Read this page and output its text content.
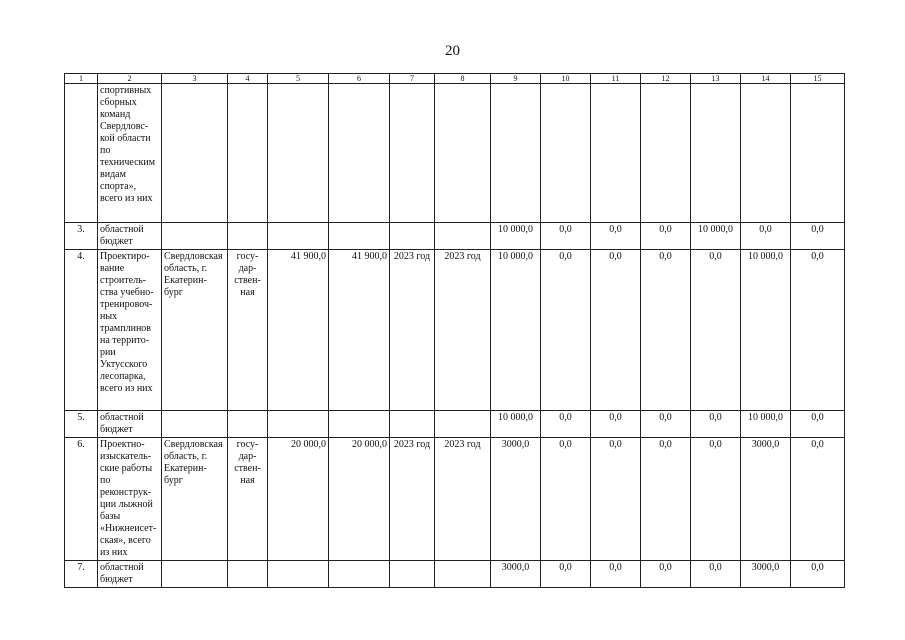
20
1	2	3	4	5	6	7	8	9	10	11	12	13	14	15
	спортивных сборных команд Свердловс-кой области по техническим видам спорта», всего из них													
3.	областной бюджет							10 000,0	0,0	0,0	0,0	10 000,0	0,0	0,0
4.	Проектиро-вание строитель-ства учебно-тренировоч-ных трамплинов на террито-рии Уктусского лесопарка, всего из них	Свердловская область, г. Екатерин-бург	госу-дар-ствен-ная	41 900,0	41 900,0	2023 год	2023 год	10 000,0	0,0	0,0	0,0	0,0	10 000,0	0,0
5.	областной бюджет							10 000,0	0,0	0,0	0,0	0,0	10 000,0	0,0
6.	Проектно-изыскатель-ские работы по реконструк-ции лыжной базы «Нижнеисет-ская», всего из них	Свердловская область, г. Екатерин-бург	госу-дар-ствен-ная	20 000,0	20 000,0	2023 год	2023 год	3000,0	0,0	0,0	0,0	0,0	3000,0	0,0
7.	областной бюджет							3000,0	0,0	0,0	0,0	0,0	3000,0	0,0
